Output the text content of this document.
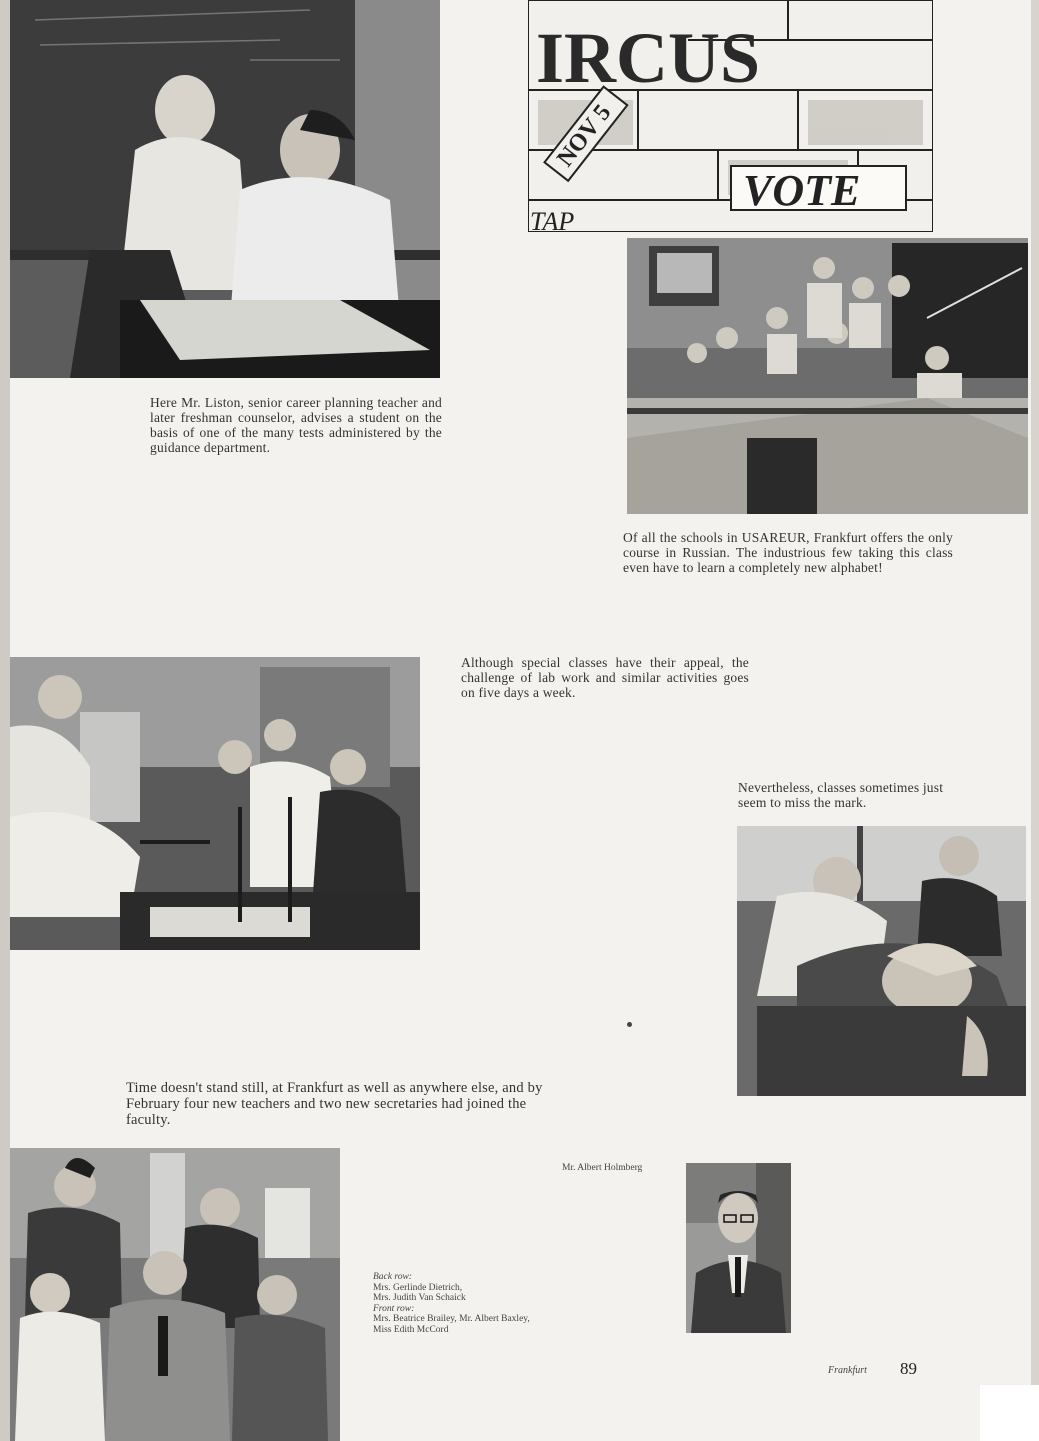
IRCUS
NOV 5
VOTE
TAP
Here Mr. Liston, senior career planning teacher and later freshman counselor, advises a student on the basis of one of the many tests administered by the guidance department.
Of all the schools in USAREUR, Frankfurt offers the only course in Russian. The industrious few taking this class even have to learn a completely new alphabet!
Although special classes have their appeal, the challenge of lab work and similar activities goes on five days a week.
Nevertheless, classes sometimes just seem to miss the mark.
Time doesn't stand still, at Frankfurt as well as anywhere else, and by February four new teachers and two new secretaries had joined the faculty.
Back row:
Mrs. Gerlinde Dietrich,
Mrs. Judith Van Schaick
Front row:
Mrs. Beatrice Brailey, Mr. Albert Baxley,
Miss Edith McCord
Mr. Albert Holmberg
Frankfurt 89
